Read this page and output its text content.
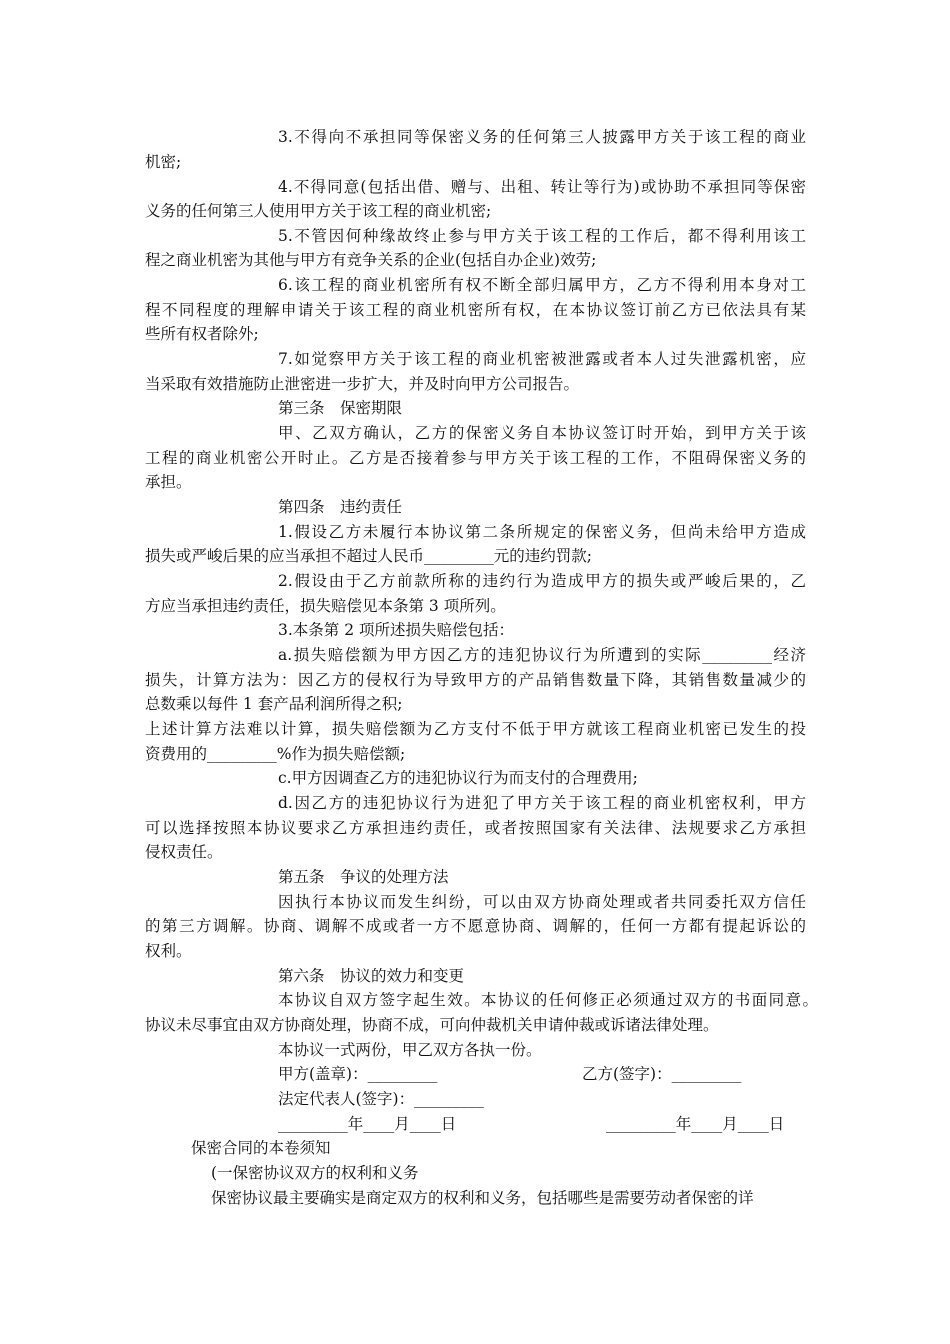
3.不得向不承担同等保密义务的任何第三人披露甲方关于该工程的商业
机密;
4.不得同意(包括出借、赠与、出租、转让等行为)或协助不承担同等保密
义务的任何第三人使用甲方关于该工程的商业机密;
5.不管因何种缘故终止参与甲方关于该工程的工作后，都不得利用该工
程之商业机密为其他与甲方有竞争关系的企业(包括自办企业)效劳;
6.该工程的商业机密所有权不断全部归属甲方，乙方不得利用本身对工
程不同程度的理解申请关于该工程的商业机密所有权，在本协议签订前乙方已依法具有某
些所有权者除外;
7.如觉察甲方关于该工程的商业机密被泄露或者本人过失泄露机密，应
当采取有效措施防止泄密进一步扩大，并及时向甲方公司报告。
第三条　保密期限
甲、乙双方确认，乙方的保密义务自本协议签订时开始，到甲方关于该
工程的商业机密公开时止。乙方是否接着参与甲方关于该工程的工作，不阻碍保密义务的
承担。
第四条　违约责任
1.假设乙方未履行本协议第二条所规定的保密义务，但尚未给甲方造成
损失或严峻后果的应当承担不超过人民币_________元的违约罚款;
2.假设由于乙方前款所称的违约行为造成甲方的损失或严峻后果的，乙
方应当承担违约责任，损失赔偿见本条第 3 项所列。
3.本条第 2 项所述损失赔偿包括：
a.损失赔偿额为甲方因乙方的违犯协议行为所遭到的实际_________经济
损失，计算方法为：因乙方的侵权行为导致甲方的产品销售数量下降，其销售数量减少的
总数乘以每件 1 套产品利润所得之积;
上述计算方法难以计算，损失赔偿额为乙方支付不低于甲方就该工程商业机密已发生的投
资费用的_________%作为损失赔偿额;
c.甲方因调查乙方的违犯协议行为而支付的合理费用;
d.因乙方的违犯协议行为进犯了甲方关于该工程的商业机密权利，甲方
可以选择按照本协议要求乙方承担违约责任，或者按照国家有关法律、法规要求乙方承担
侵权责任。
第五条　争议的处理方法
因执行本协议而发生纠纷，可以由双方协商处理或者共同委托双方信任
的第三方调解。协商、调解不成或者一方不愿意协商、调解的，任何一方都有提起诉讼的
权利。
第六条　协议的效力和变更
本协议自双方签字起生效。本协议的任何修正必须通过双方的书面同意。
协议未尽事宜由双方协商处理，协商不成，可向仲裁机关申请仲裁或诉诸法律处理。
本协议一式两份，甲乙双方各执一份。
甲方(盖章)：_________	乙方(签字)：_________
法定代表人(签字)：_________
_________年____月____日	_________年____月____日
保密合同的本卷须知
(一保密协议双方的权利和义务
保密协议最主要确实是商定双方的权利和义务，包括哪些是需要劳动者保密的详
